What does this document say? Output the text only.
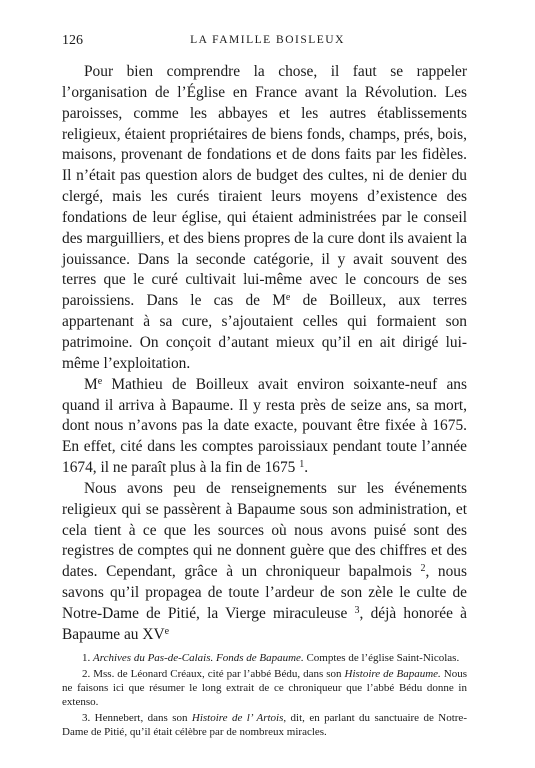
126	LA FAMILLE BOISLEUX

Pour bien comprendre la chose, il faut se rappeler l’organisation de l’Église en France avant la Révolution. Les paroisses, comme les abbayes et les autres établissements religieux, étaient propriétaires de biens fonds, champs, prés, bois, maisons, provenant de fondations et de dons faits par les fidèles. Il n’était pas question alors de budget des cultes, ni de denier du clergé, mais les curés tiraient leurs moyens d’existence des fondations de leur église, qui étaient administrées par le conseil des marguilliers, et des biens propres de la cure dont ils avaient la jouissance. Dans la seconde catégorie, il y avait souvent des terres que le curé cultivait lui-même avec le concours de ses paroissiens. Dans le cas de Me de Boilleux, aux terres appartenant à sa cure, s’ajoutaient celles qui formaient son patrimoine. On conçoit d’autant mieux qu’il en ait dirigé lui-même l’exploitation.

Me Mathieu de Boilleux avait environ soixante-neuf ans quand il arriva à Bapaume. Il y resta près de seize ans, sa mort, dont nous n’avons pas la date exacte, pouvant être fixée à 1675. En effet, cité dans les comptes paroissiaux pendant toute l’année 1674, il ne paraît plus à la fin de 1675 $^1$.

Nous avons peu de renseignements sur les événements religieux qui se passèrent à Bapaume sous son administration, et cela tient à ce que les sources où nous avons puisé sont des registres de comptes qui ne donnent guère que des chiffres et des dates. Cependant, grâce à un chroniqueur bapalmois $^2$, nous savons qu’il propagea de toute l’ardeur de son zèle le culte de Notre-Dame de Pitié, la Vierge miraculeuse $^3$, déjà honorée à Bapaume au XVe

1. Archives du Pas-de-Calais. Fonds de Bapaume. Comptes de l’église Saint-Nicolas.

2. Mss. de Léonard Créaux, cité par l’abbé Bédu, dans son Histoire de Bapaume. Nous ne faisons ici que résumer le long extrait de ce chroniqueur que l’abbé Bédu donne in extenso.

3. Hennebert, dans son Histoire de l’ Artois, dit, en parlant du sanctuaire de Notre-Dame de Pitié, qu’il était célèbre par de nombreux miracles.
